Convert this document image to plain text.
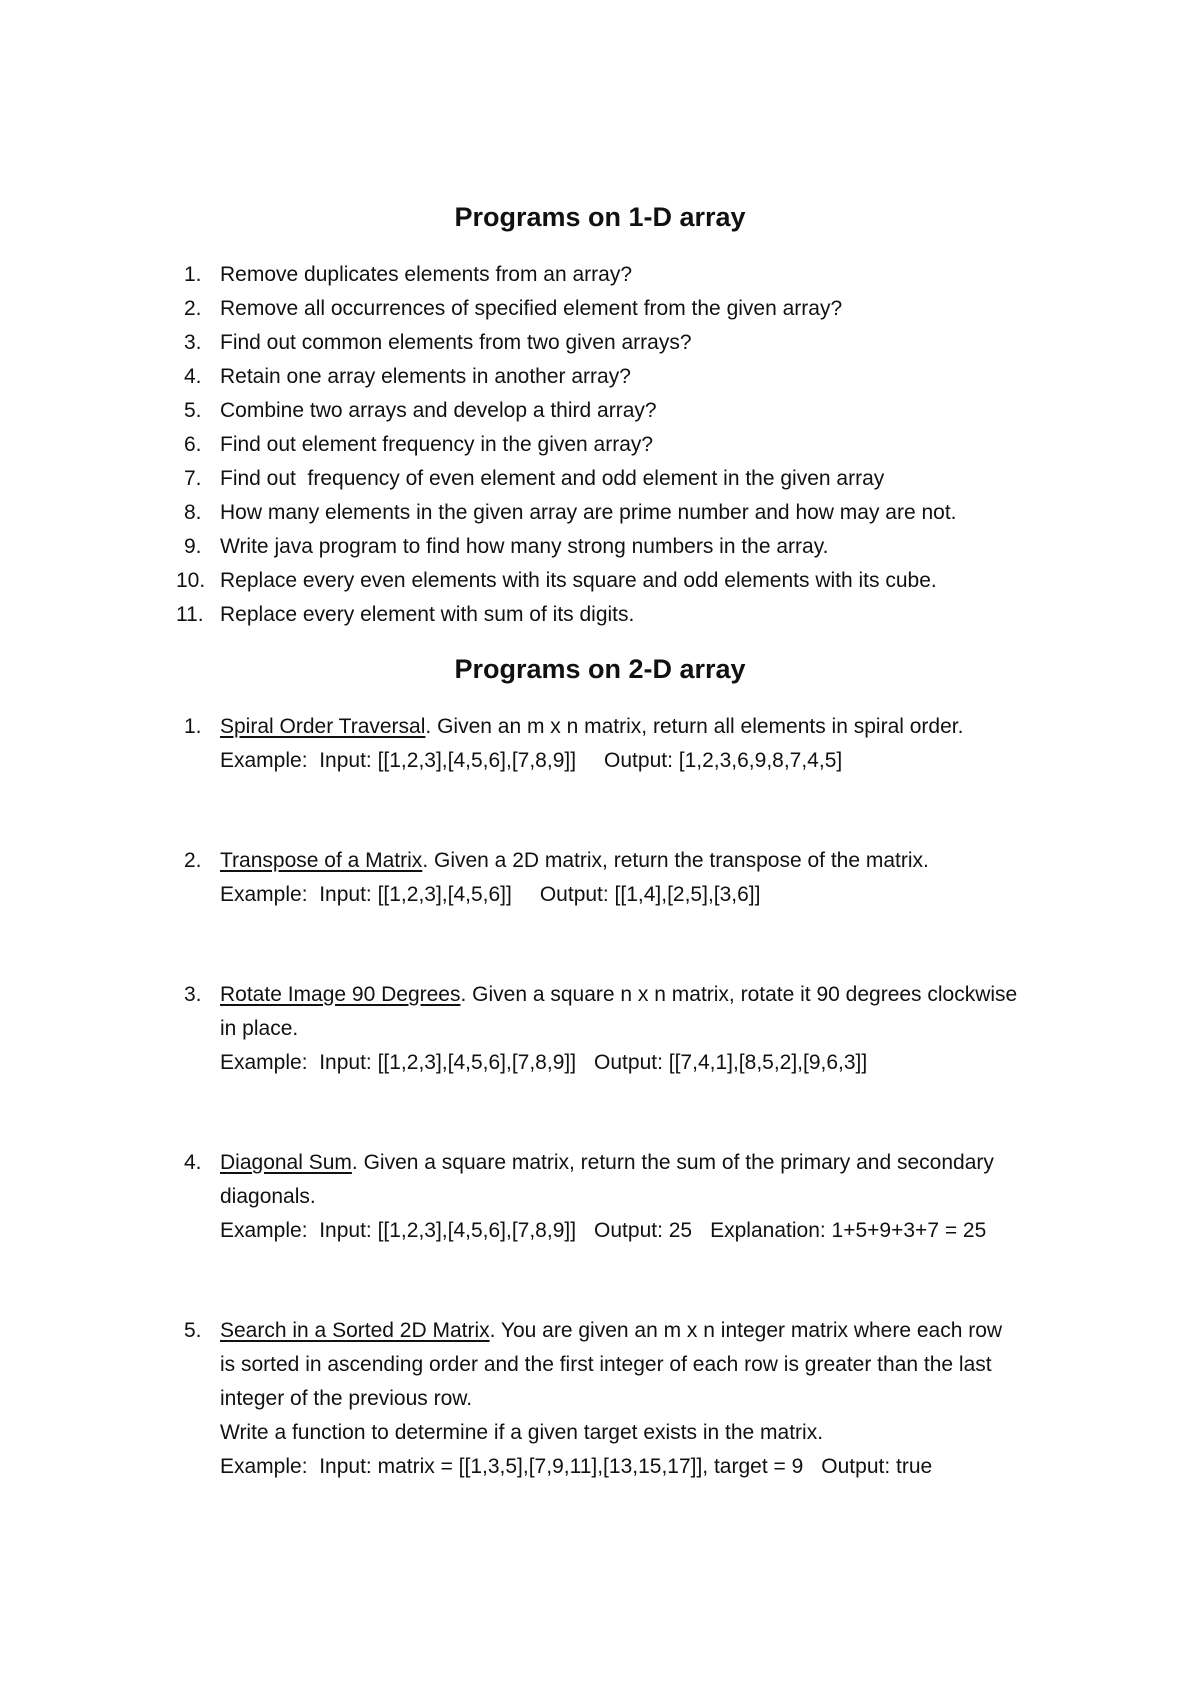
Programs on 1-D array
1. Remove duplicates elements from an array?
2. Remove all occurrences of specified element from the given array?
3. Find out common elements from two given arrays?
4. Retain one array elements in another array?
5. Combine two arrays and develop a third array?
6. Find out element frequency in the given array?
7. Find out  frequency of even element and odd element in the given array
8. How many elements in the given array are prime number and how may are not.
9. Write java program to find how many strong numbers in the array.
10. Replace every even elements with its square and odd elements with its cube.
11. Replace every element with sum of its digits.
Programs on 2-D array
1. Spiral Order Traversal. Given an m x n matrix, return all elements in spiral order.
Example:  Input: [[1,2,3],[4,5,6],[7,8,9]] Output: [1,2,3,6,9,8,7,4,5]
2. Transpose of a Matrix. Given a 2D matrix, return the transpose of the matrix.
Example:  Input: [[1,2,3],[4,5,6]] Output: [[1,4],[2,5],[3,6]]
3. Rotate Image 90 Degrees. Given a square n x n matrix, rotate it 90 degrees clockwise
in place.
Example:  Input: [[1,2,3],[4,5,6],[7,8,9]] Output: [[7,4,1],[8,5,2],[9,6,3]]
4. Diagonal Sum. Given a square matrix, return the sum of the primary and secondary
diagonals.
Example:  Input: [[1,2,3],[4,5,6],[7,8,9]] Output: 25 Explanation: 1+5+9+3+7 = 25
5. Search in a Sorted 2D Matrix. You are given an m x n integer matrix where each row
is sorted in ascending order and the first integer of each row is greater than the last
integer of the previous row.
Write a function to determine if a given target exists in the matrix.
Example:  Input: matrix = [[1,3,5],[7,9,11],[13,15,17]], target = 9 Output: true
